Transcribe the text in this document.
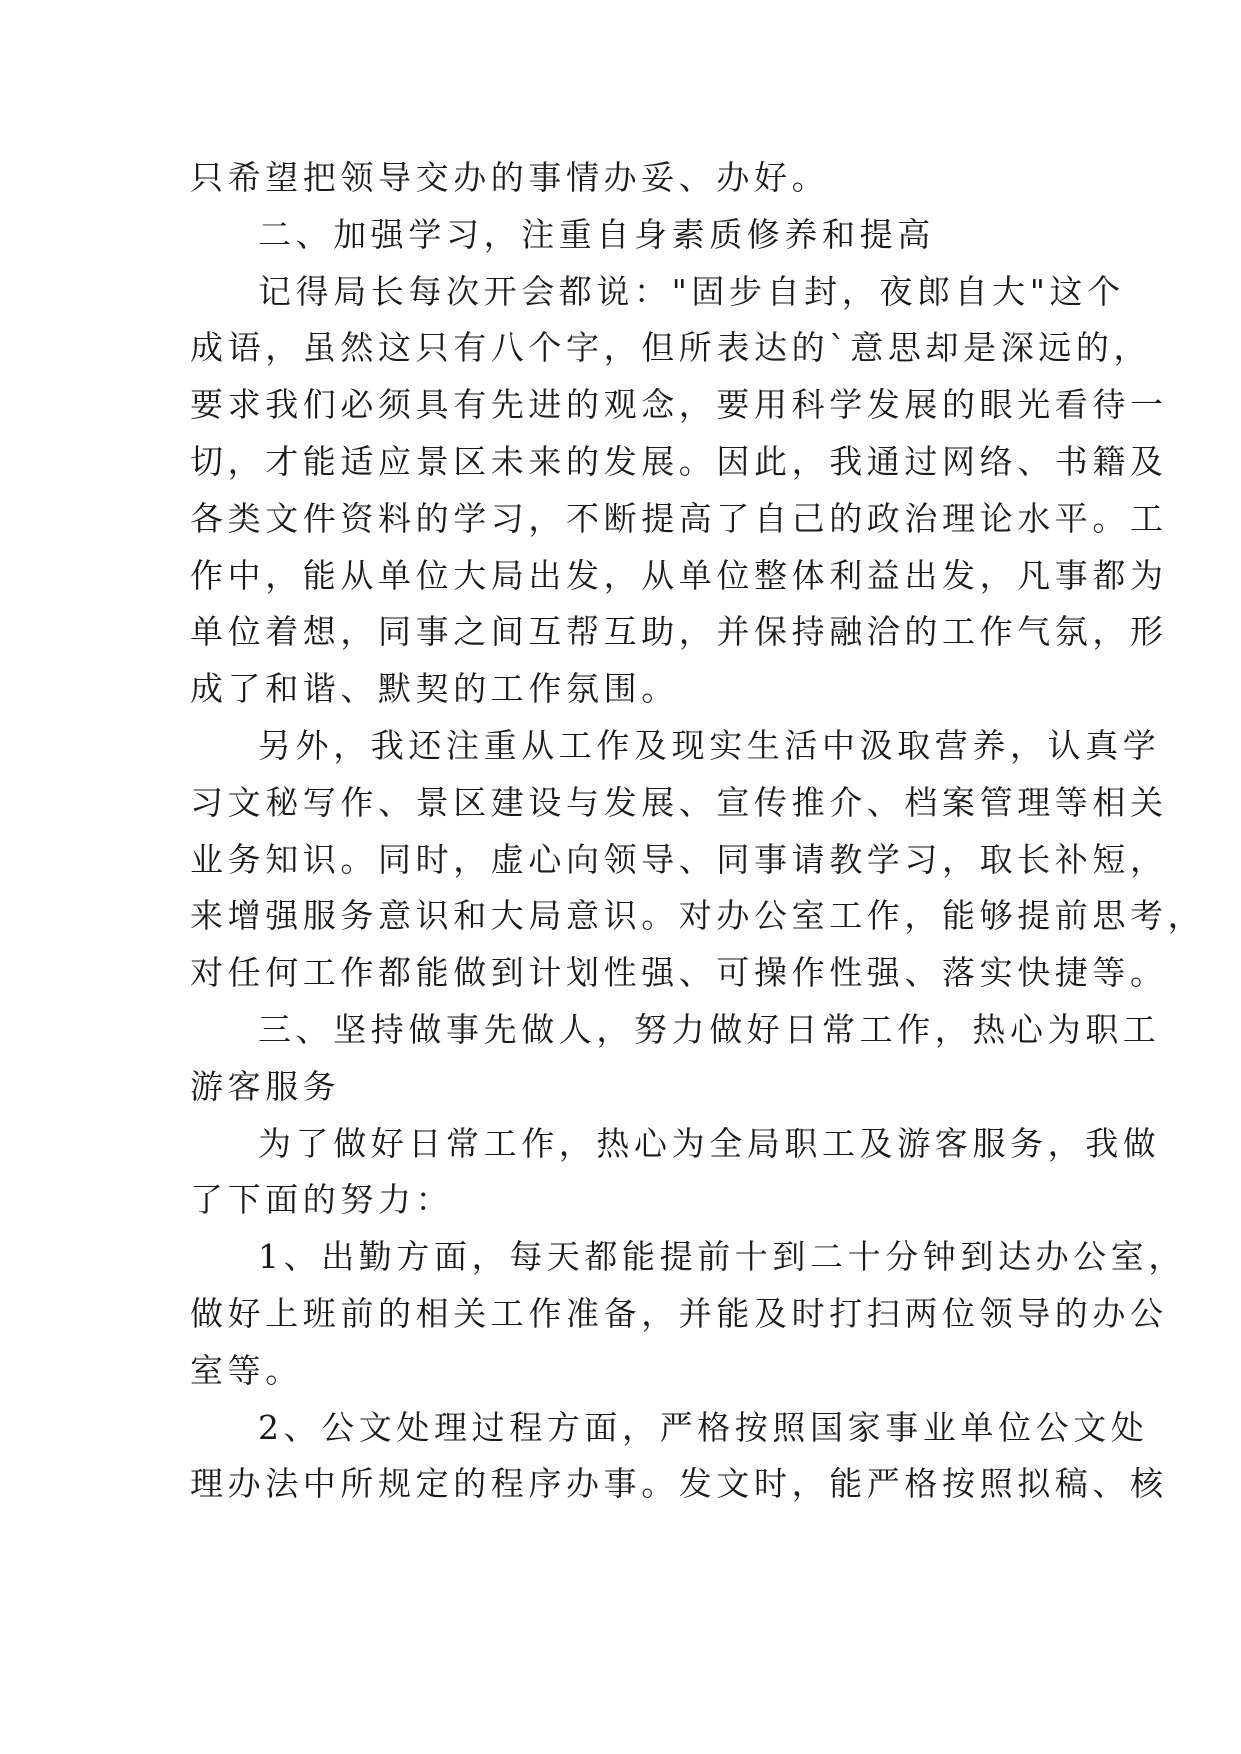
只希望把领导交办的事情办妥、办好。
二、加强学习，注重自身素质修养和提高
记得局长每次开会都说："固步自封，夜郎自大"这个
成语，虽然这只有八个字，但所表达的`意思却是深远的，
要求我们必须具有先进的观念，要用科学发展的眼光看待一
切，才能适应景区未来的发展。因此，我通过网络、书籍及
各类文件资料的学习，不断提高了自己的政治理论水平。工
作中，能从单位大局出发，从单位整体利益出发，凡事都为
单位着想，同事之间互帮互助，并保持融洽的工作气氛，形
成了和谐、默契的工作氛围。
另外，我还注重从工作及现实生活中汲取营养，认真学
习文秘写作、景区建设与发展、宣传推介、档案管理等相关
业务知识。同时，虚心向领导、同事请教学习，取长补短，
来增强服务意识和大局意识。对办公室工作，能够提前思考，
对任何工作都能做到计划性强、可操作性强、落实快捷等。
三、坚持做事先做人，努力做好日常工作，热心为职工
游客服务
为了做好日常工作，热心为全局职工及游客服务，我做
了下面的努力：
1、出勤方面，每天都能提前十到二十分钟到达办公室，
做好上班前的相关工作准备，并能及时打扫两位领导的办公
室等。
2、公文处理过程方面，严格按照国家事业单位公文处
理办法中所规定的程序办事。发文时，能严格按照拟稿、核
